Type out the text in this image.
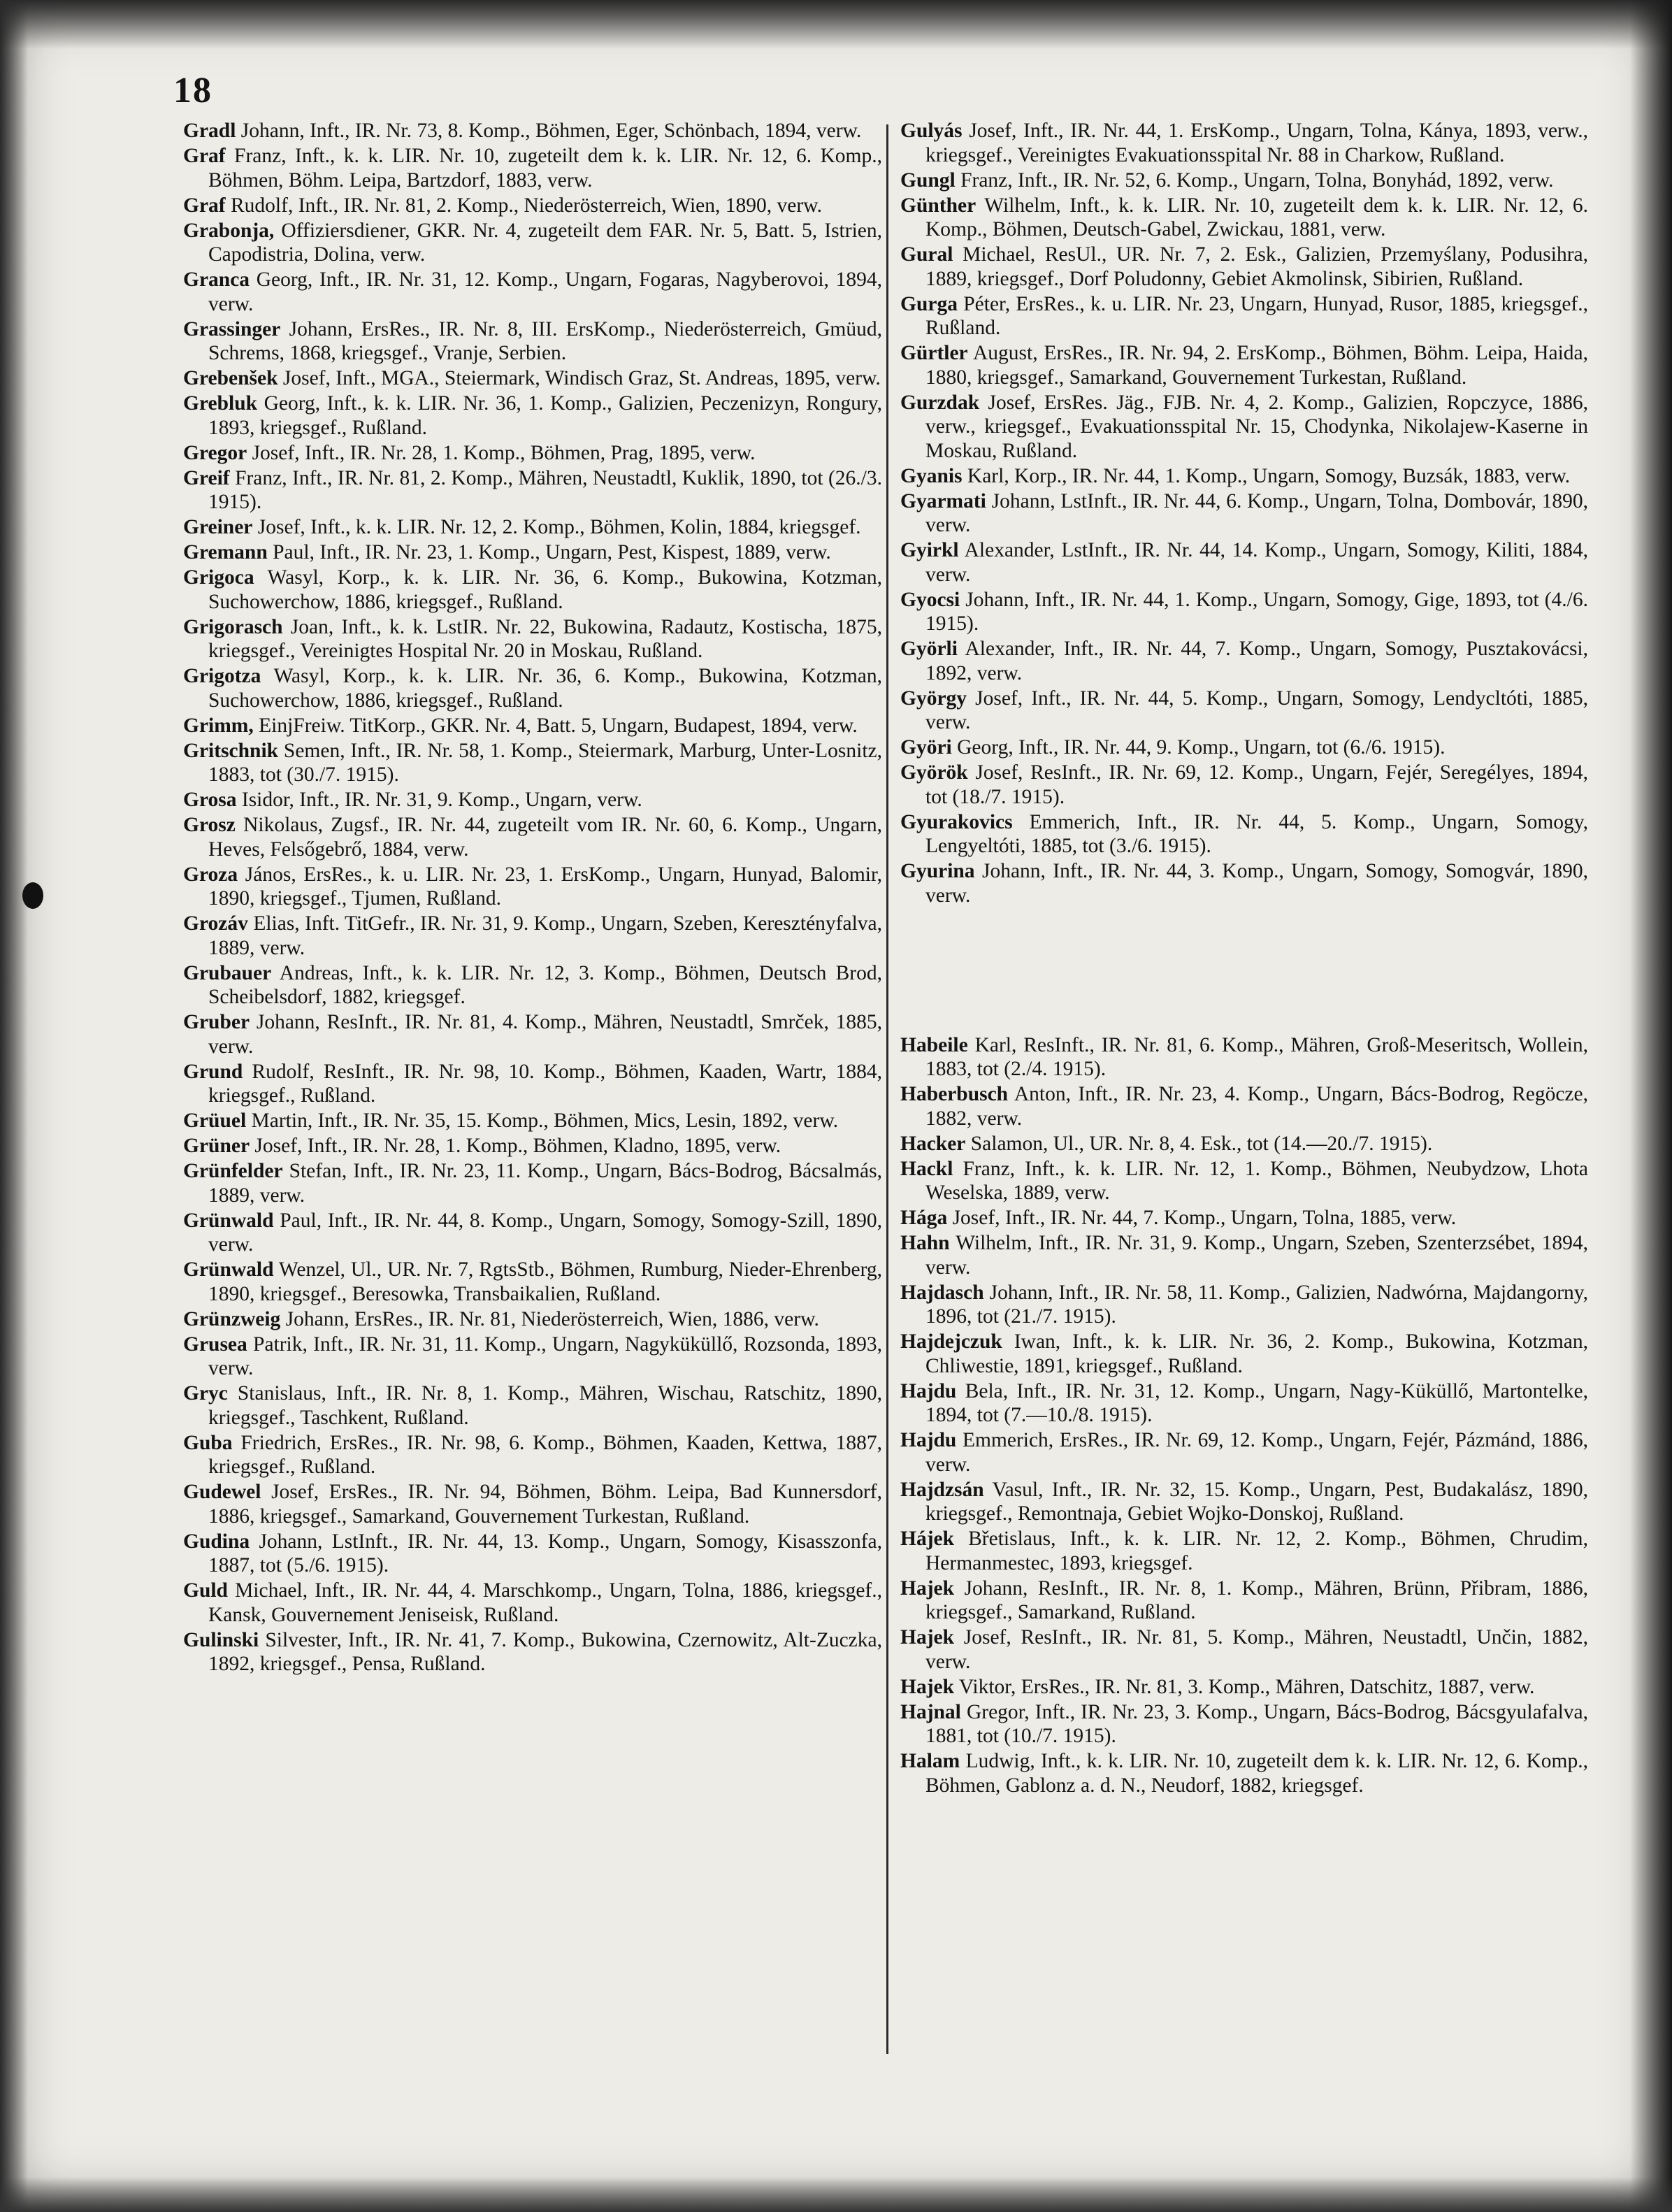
18

Gradl Johann, Inft., IR. Nr. 73, 8. Komp., Böhmen, Eger, Schönbach, 1894, verw.

Graf Franz, Inft., k. k. LIR. Nr. 10, zugeteilt dem k. k. LIR. Nr. 12, 6. Komp., Böhmen, Böhm. Leipa, Bartzdorf, 1883, verw.

Graf Rudolf, Inft., IR. Nr. 81, 2. Komp., Niederösterreich, Wien, 1890, verw.

Grabonja, Offiziersdiener, GKR. Nr. 4, zugeteilt dem FAR. Nr. 5, Batt. 5, Istrien, Capodistria, Dolina, verw.

Granca Georg, Inft., IR. Nr. 31, 12. Komp., Ungarn, Fogaras, Nagyberovoi, 1894, verw.

Grassinger Johann, ErsRes., IR. Nr. 8, III. ErsKomp., Niederösterreich, Gmüud, Schrems, 1868, kriegsgef., Vranje, Serbien.

Grebenšek Josef, Inft., MGA., Steiermark, Windisch Graz, St. Andreas, 1895, verw.

Grebluk Georg, Inft., k. k. LIR. Nr. 36, 1. Komp., Galizien, Peczenizyn, Rongury, 1893, kriegsgef., Rußland.

Gregor Josef, Inft., IR. Nr. 28, 1. Komp., Böhmen, Prag, 1895, verw.

Greif Franz, Inft., IR. Nr. 81, 2. Komp., Mähren, Neustadtl, Kuklik, 1890, tot (26./3. 1915).

Greiner Josef, Inft., k. k. LIR. Nr. 12, 2. Komp., Böhmen, Kolin, 1884, kriegsgef.

Gremann Paul, Inft., IR. Nr. 23, 1. Komp., Ungarn, Pest, Kispest, 1889, verw.

Grigoca Wasyl, Korp., k. k. LIR. Nr. 36, 6. Komp., Bukowina, Kotzman, Suchowerchow, 1886, kriegsgef., Rußland.

Grigorasch Joan, Inft., k. k. LstIR. Nr. 22, Bukowina, Radautz, Kostischa, 1875, kriegsgef., Vereinigtes Hospital Nr. 20 in Moskau, Rußland.

Grigotza Wasyl, Korp., k. k. LIR. Nr. 36, 6. Komp., Bukowina, Kotzman, Suchowerchow, 1886, kriegsgef., Rußland.

Grimm, EinjFreiw. TitKorp., GKR. Nr. 4, Batt. 5, Ungarn, Budapest, 1894, verw.

Gritschnik Semen, Inft., IR. Nr. 58, 1. Komp., Steiermark, Marburg, Unter-Losnitz, 1883, tot (30./7. 1915).

Grosa Isidor, Inft., IR. Nr. 31, 9. Komp., Ungarn, verw.

Grosz Nikolaus, Zugsf., IR. Nr. 44, zugeteilt vom IR. Nr. 60, 6. Komp., Ungarn, Heves, Felsőgebrő, 1884, verw.

Groza János, ErsRes., k. u. LIR. Nr. 23, 1. ErsKomp., Ungarn, Hunyad, Balomir, 1890, kriegsgef., Tjumen, Rußland.

Grozáv Elias, Inft. TitGefr., IR. Nr. 31, 9. Komp., Ungarn, Szeben, Keresztényfalva, 1889, verw.

Grubauer Andreas, Inft., k. k. LIR. Nr. 12, 3. Komp., Böhmen, Deutsch Brod, Scheibelsdorf, 1882, kriegsgef.

Gruber Johann, ResInft., IR. Nr. 81, 4. Komp., Mähren, Neustadtl, Smrček, 1885, verw.

Grund Rudolf, ResInft., IR. Nr. 98, 10. Komp., Böhmen, Kaaden, Wartr, 1884, kriegsgef., Rußland.

Grüuel Martin, Inft., IR. Nr. 35, 15. Komp., Böhmen, Mics, Lesin, 1892, verw.

Grüner Josef, Inft., IR. Nr. 28, 1. Komp., Böhmen, Kladno, 1895, verw.

Grünfelder Stefan, Inft., IR. Nr. 23, 11. Komp., Ungarn, Bács-Bodrog, Bácsalmás, 1889, verw.

Grünwald Paul, Inft., IR. Nr. 44, 8. Komp., Ungarn, Somogy, Somogy-Szill, 1890, verw.

Grünwald Wenzel, Ul., UR. Nr. 7, RgtsStb., Böhmen, Rumburg, Nieder-Ehrenberg, 1890, kriegsgef., Beresowka, Transbaikalien, Rußland.

Grünzweig Johann, ErsRes., IR. Nr. 81, Niederösterreich, Wien, 1886, verw.

Grusea Patrik, Inft., IR. Nr. 31, 11. Komp., Ungarn, Nagyküküllő, Rozsonda, 1893, verw.

Gryc Stanislaus, Inft., IR. Nr. 8, 1. Komp., Mähren, Wischau, Ratschitz, 1890, kriegsgef., Taschkent, Rußland.

Guba Friedrich, ErsRes., IR. Nr. 98, 6. Komp., Böhmen, Kaaden, Kettwa, 1887, kriegsgef., Rußland.

Gudewel Josef, ErsRes., IR. Nr. 94, Böhmen, Böhm. Leipa, Bad Kunnersdorf, 1886, kriegsgef., Samarkand, Gouvernement Turkestan, Rußland.

Gudina Johann, LstInft., IR. Nr. 44, 13. Komp., Ungarn, Somogy, Kisasszonfa, 1887, tot (5./6. 1915).

Guld Michael, Inft., IR. Nr. 44, 4. Marschkomp., Ungarn, Tolna, 1886, kriegsgef., Kansk, Gouvernement Jeniseisk, Rußland.

Gulinski Silvester, Inft., IR. Nr. 41, 7. Komp., Bukowina, Czernowitz, Alt-Zuczka, 1892, kriegsgef., Pensa, Rußland.

Gulyás Josef, Inft., IR. Nr. 44, 1. ErsKomp., Ungarn, Tolna, Kánya, 1893, verw., kriegsgef., Vereinigtes Evakuationsspital Nr. 88 in Charkow, Rußland.

Gungl Franz, Inft., IR. Nr. 52, 6. Komp., Ungarn, Tolna, Bonyhád, 1892, verw.

Günther Wilhelm, Inft., k. k. LIR. Nr. 10, zugeteilt dem k. k. LIR. Nr. 12, 6. Komp., Böhmen, Deutsch-Gabel, Zwickau, 1881, verw.

Gural Michael, ResUl., UR. Nr. 7, 2. Esk., Galizien, Przemyślany, Podusihra, 1889, kriegsgef., Dorf Poludonny, Gebiet Akmolinsk, Sibirien, Rußland.

Gurga Péter, ErsRes., k. u. LIR. Nr. 23, Ungarn, Hunyad, Rusor, 1885, kriegsgef., Rußland.

Gürtler August, ErsRes., IR. Nr. 94, 2. ErsKomp., Böhmen, Böhm. Leipa, Haida, 1880, kriegsgef., Samarkand, Gouvernement Turkestan, Rußland.

Gurzdak Josef, ErsRes. Jäg., FJB. Nr. 4, 2. Komp., Galizien, Ropczyce, 1886, verw., kriegsgef., Evakuationsspital Nr. 15, Chodynka, Nikolajew-Kaserne in Moskau, Rußland.

Gyanis Karl, Korp., IR. Nr. 44, 1. Komp., Ungarn, Somogy, Buzsák, 1883, verw.

Gyarmati Johann, LstInft., IR. Nr. 44, 6. Komp., Ungarn, Tolna, Dombovár, 1890, verw.

Gyirkl Alexander, LstInft., IR. Nr. 44, 14. Komp., Ungarn, Somogy, Kiliti, 1884, verw.

Gyocsi Johann, Inft., IR. Nr. 44, 1. Komp., Ungarn, Somogy, Gige, 1893, tot (4./6. 1915).

Györli Alexander, Inft., IR. Nr. 44, 7. Komp., Ungarn, Somogy, Pusztakovácsi, 1892, verw.

György Josef, Inft., IR. Nr. 44, 5. Komp., Ungarn, Somogy, Lendycltóti, 1885, verw.

Györi Georg, Inft., IR. Nr. 44, 9. Komp., Ungarn, tot (6./6. 1915).

Györök Josef, ResInft., IR. Nr. 69, 12. Komp., Ungarn, Fejér, Seregélyes, 1894, tot (18./7. 1915).

Gyurakovics Emmerich, Inft., IR. Nr. 44, 5. Komp., Ungarn, Somogy, Lengyeltóti, 1885, tot (3./6. 1915).

Gyurina Johann, Inft., IR. Nr. 44, 3. Komp., Ungarn, Somogy, Somogvár, 1890, verw.

Habeile Karl, ResInft., IR. Nr. 81, 6. Komp., Mähren, Groß-Meseritsch, Wollein, 1883, tot (2./4. 1915).

Haberbusch Anton, Inft., IR. Nr. 23, 4. Komp., Ungarn, Bács-Bodrog, Regöcze, 1882, verw.

Hacker Salamon, Ul., UR. Nr. 8, 4. Esk., tot (14.—20./7. 1915).

Hackl Franz, Inft., k. k. LIR. Nr. 12, 1. Komp., Böhmen, Neubydzow, Lhota Weselska, 1889, verw.

Hága Josef, Inft., IR. Nr. 44, 7. Komp., Ungarn, Tolna, 1885, verw.

Hahn Wilhelm, Inft., IR. Nr. 31, 9. Komp., Ungarn, Szeben, Szenterzsébet, 1894, verw.

Hajdasch Johann, Inft., IR. Nr. 58, 11. Komp., Galizien, Nadwórna, Majdangorny, 1896, tot (21./7. 1915).

Hajdejczuk Iwan, Inft., k. k. LIR. Nr. 36, 2. Komp., Bukowina, Kotzman, Chliwestie, 1891, kriegsgef., Rußland.

Hajdu Bela, Inft., IR. Nr. 31, 12. Komp., Ungarn, Nagy-Küküllő, Martontelke, 1894, tot (7.—10./8. 1915).

Hajdu Emmerich, ErsRes., IR. Nr. 69, 12. Komp., Ungarn, Fejér, Pázmánd, 1886, verw.

Hajdzsán Vasul, Inft., IR. Nr. 32, 15. Komp., Ungarn, Pest, Budakalász, 1890, kriegsgef., Remontnaja, Gebiet Wojko-Donskoj, Rußland.

Hájek Břetislaus, Inft., k. k. LIR. Nr. 12, 2. Komp., Böhmen, Chrudim, Hermanmestec, 1893, kriegsgef.

Hajek Johann, ResInft., IR. Nr. 8, 1. Komp., Mähren, Brünn, Přibram, 1886, kriegsgef., Samarkand, Rußland.

Hajek Josef, ResInft., IR. Nr. 81, 5. Komp., Mähren, Neustadtl, Unčin, 1882, verw.

Hajek Viktor, ErsRes., IR. Nr. 81, 3. Komp., Mähren, Datschitz, 1887, verw.

Hajnal Gregor, Inft., IR. Nr. 23, 3. Komp., Ungarn, Bács-Bodrog, Bácsgyulafalva, 1881, tot (10./7. 1915).

Halam Ludwig, Inft., k. k. LIR. Nr. 10, zugeteilt dem k. k. LIR. Nr. 12, 6. Komp., Böhmen, Gablonz a. d. N., Neudorf, 1882, kriegsgef.
